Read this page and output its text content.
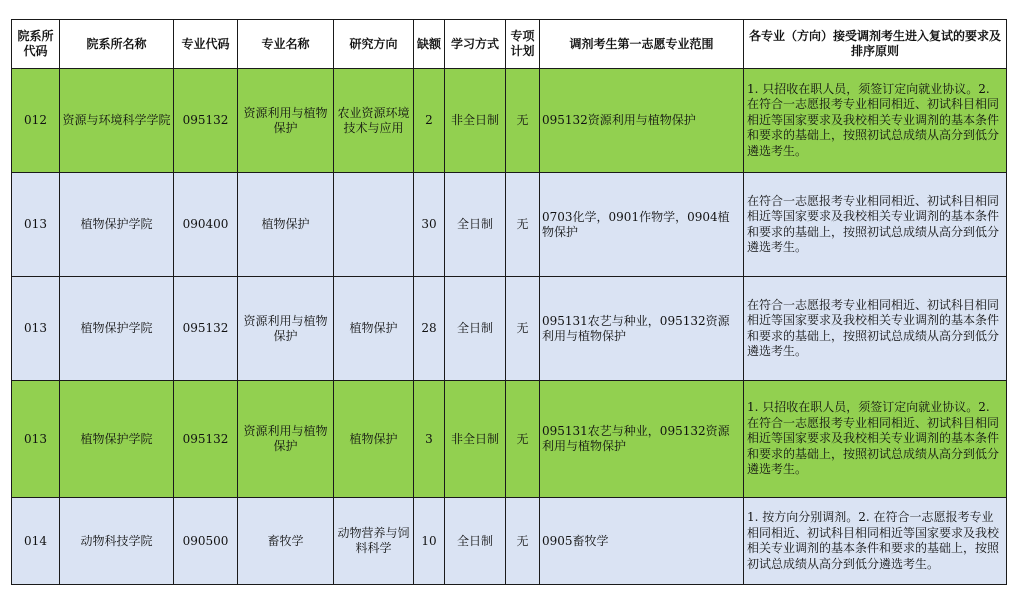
院系所代码	院系所名称	专业代码	专业名称	研究方向	缺额	学习方式	专项计划	调剂考生第一志愿专业范围	各专业（方向）接受调剂考生进入复试的要求及排序原则
012	资源与环境科学学院	095132	资源利用与植物保护	农业资源环境技术与应用	2	非全日制	无	095132资源利用与植物保护	1. 只招收在职人员，须签订定向就业协议。2. 在符合一志愿报考专业相同相近、初试科目相同相近等国家要求及我校相关专业调剂的基本条件和要求的基础上，按照初试总成绩从高分到低分遴选考生。
013	植物保护学院	090400	植物保护		30	全日制	无	0703化学，0901作物学，0904植物保护	在符合一志愿报考专业相同相近、初试科目相同相近等国家要求及我校相关专业调剂的基本条件和要求的基础上，按照初试总成绩从高分到低分遴选考生。
013	植物保护学院	095132	资源利用与植物保护	植物保护	28	全日制	无	095131农艺与种业，095132资源利用与植物保护	在符合一志愿报考专业相同相近、初试科目相同相近等国家要求及我校相关专业调剂的基本条件和要求的基础上，按照初试总成绩从高分到低分遴选考生。
013	植物保护学院	095132	资源利用与植物保护	植物保护	3	非全日制	无	095131农艺与种业，095132资源利用与植物保护	1. 只招收在职人员，须签订定向就业协议。2. 在符合一志愿报考专业相同相近、初试科目相同相近等国家要求及我校相关专业调剂的基本条件和要求的基础上，按照初试总成绩从高分到低分遴选考生。
014	动物科技学院	090500	畜牧学	动物营养与饲料科学	10	全日制	无	0905畜牧学	1. 按方向分别调剂。2. 在符合一志愿报考专业相同相近、初试科目相同相近等国家要求及我校相关专业调剂的基本条件和要求的基础上，按照初试总成绩从高分到低分遴选考生。
